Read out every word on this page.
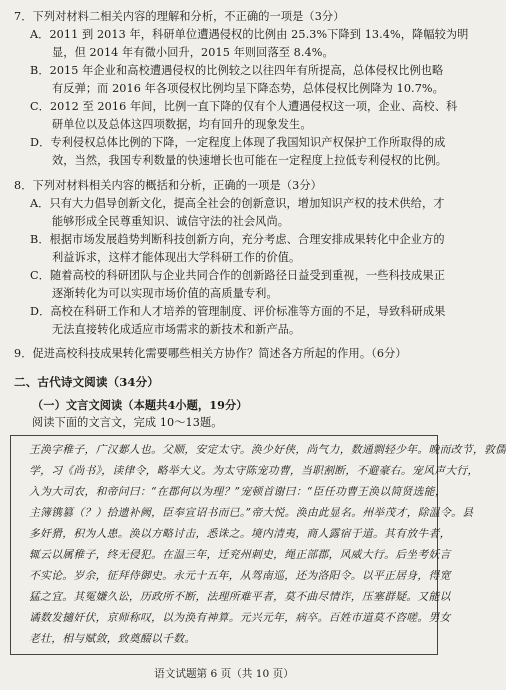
7．下列对材料二相关内容的理解和分析，不正确的一项是（3分）
A．2011 到 2013 年，科研单位遭遇侵权的比例由 25.3%下降到 13.4%，降幅较为明
显，但 2014 年有微小回升，2015 年则回落至 8.4%。
B．2015 年企业和高校遭遇侵权的比例较之以往四年有所提高，总体侵权比例也略
有反弹；而 2016 年各项侵权比例均呈下降态势，总体侵权比例降为 10.7%。
C．2012 至 2016 年间，比例一直下降的仅有个人遭遇侵权这一项，企业、高校、科
研单位以及总体这四项数据，均有回升的现象发生。
D．专利侵权总体比例的下降，一定程度上体现了我国知识产权保护工作所取得的成
效，当然，我国专利数量的快速增长也可能在一定程度上拉低专利侵权的比例。
8．下列对材料相关内容的概括和分析，正确的一项是（3分）
A．只有大力倡导创新文化，提高全社会的创新意识，增加知识产权的技术供给，才
能够形成全民尊重知识、诚信守法的社会风尚。
B．根据市场发展趋势判断科技创新方向，充分考虑、合理安排成果转化中企业方的
利益诉求，这样才能体现出大学科研工作的价值。
C．随着高校的科研团队与企业共同合作的创新路径日益受到重视，一些科技成果正
逐渐转化为可以实现市场价值的高质量专利。
D．高校在科研工作和人才培养的管理制度、评价标准等方面的不足，导致科研成果
无法直接转化成适应市场需求的新技术和新产品。
9．促进高校科技成果转化需要哪些相关方协作？简述各方所起的作用。（6分）
二、古代诗文阅读（34分）
（一）文言文阅读（本题共4小题，19分）
阅读下面的文言文，完成 10～13题。
王涣字稚子，广汉郪人也。父顺，安定太守。涣少好侠，尚气力，数通剽轻少年。晚而改节，敦儒
学，习《尚书》，读律令，略举大义。为太守陈宠功曹，当职割断，不避豪右。宠风声大行，
入为大司农，和帝问曰：“在郡何以为理？”宠顿首谢曰：“臣任功曹王涣以简贤选能，
主簿镌篡（？）拾遗补阙，臣奉宣诏书而已。”帝大悦。涣由此显名。州举茂才，除温令。县
多奸猾，积为人患。涣以方略讨击，悉诛之。境内清夷，商人露宿于道。其有放牛者，
辄云以属稚子，终无侵犯。在温三年，迁兖州刺史，绳正部郡，风威大行。后坐考妖言
不实论。岁余，征拜侍御史。永元十五年，从驾南巡，还为洛阳令。以平正居身，得宽
猛之宜。其冤嫌久讼，历政所不断，法理所难平者，莫不曲尽情诈，压塞群疑。又能以
谲数发擿奸伏，京师称叹，以为涣有神算。元兴元年，病卒。百姓市道莫不咨嗟。男女
老壮，相与赋敛，致奠醊以千数。
语文试题第 6 页（共 10 页）
